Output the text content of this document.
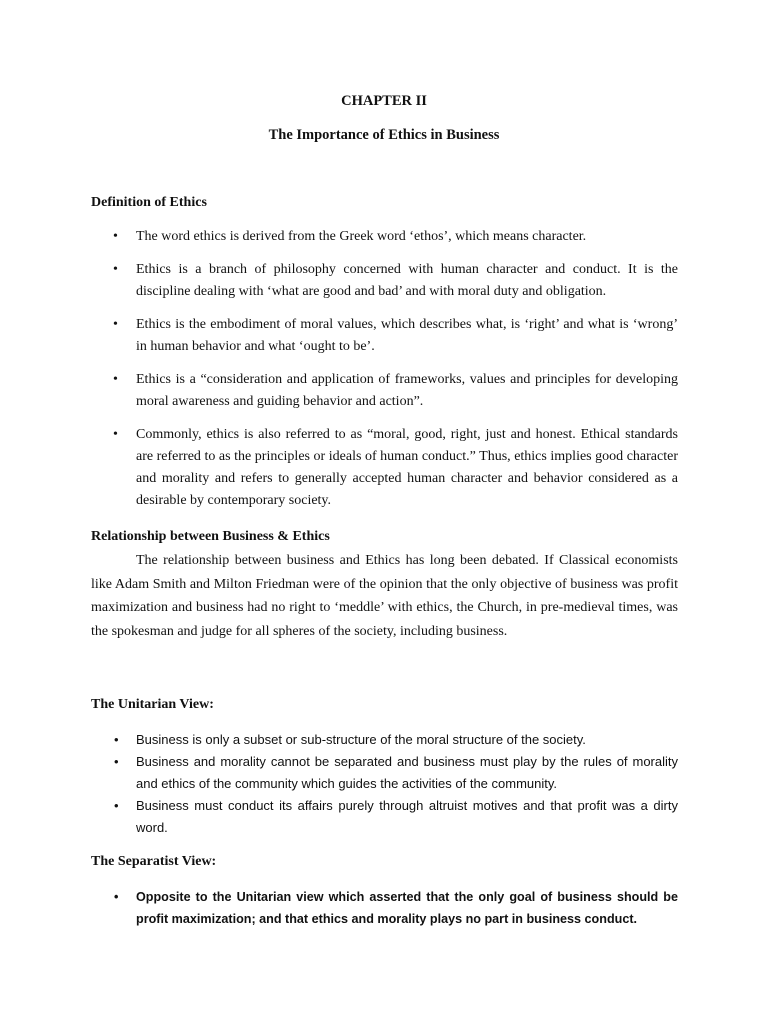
CHAPTER II
The Importance of Ethics in Business
Definition of Ethics
• The word ethics is derived from the Greek word ‘ethos’, which means character.
• Ethics is a branch of philosophy concerned with human character and conduct. It is the discipline dealing with ‘what are good and bad’ and with moral duty and obligation.
• Ethics is the embodiment of moral values, which describes what, is ‘right’ and what is ‘wrong’ in human behavior and what ‘ought to be’.
• Ethics is a “consideration and application of frameworks, values and principles for developing moral awareness and guiding behavior and action”.
• Commonly, ethics is also referred to as “moral, good, right, just and honest. Ethical standards are referred to as the principles or ideals of human conduct.” Thus, ethics implies good character and morality and refers to generally accepted human character and behavior considered as a desirable by contemporary society.
Relationship between Business & Ethics

The relationship between business and Ethics has long been debated. If Classical economists like Adam Smith and Milton Friedman were of the opinion that the only objective of business was profit maximization and business had no right to ‘meddle’ with ethics, the Church, in pre-medieval times, was the spokesman and judge for all spheres of the society, including business.

The Unitarian View:
• Business is only a subset or sub-structure of the moral structure of the society.
• Business and morality cannot be separated and business must play by the rules of morality and ethics of the community which guides the activities of the community.
• Business must conduct its affairs purely through altruist motives and that profit was a dirty word.
The Separatist View:
• Opposite to the Unitarian view which asserted that the only goal of business should be profit maximization; and that ethics and morality plays no part in business conduct.
